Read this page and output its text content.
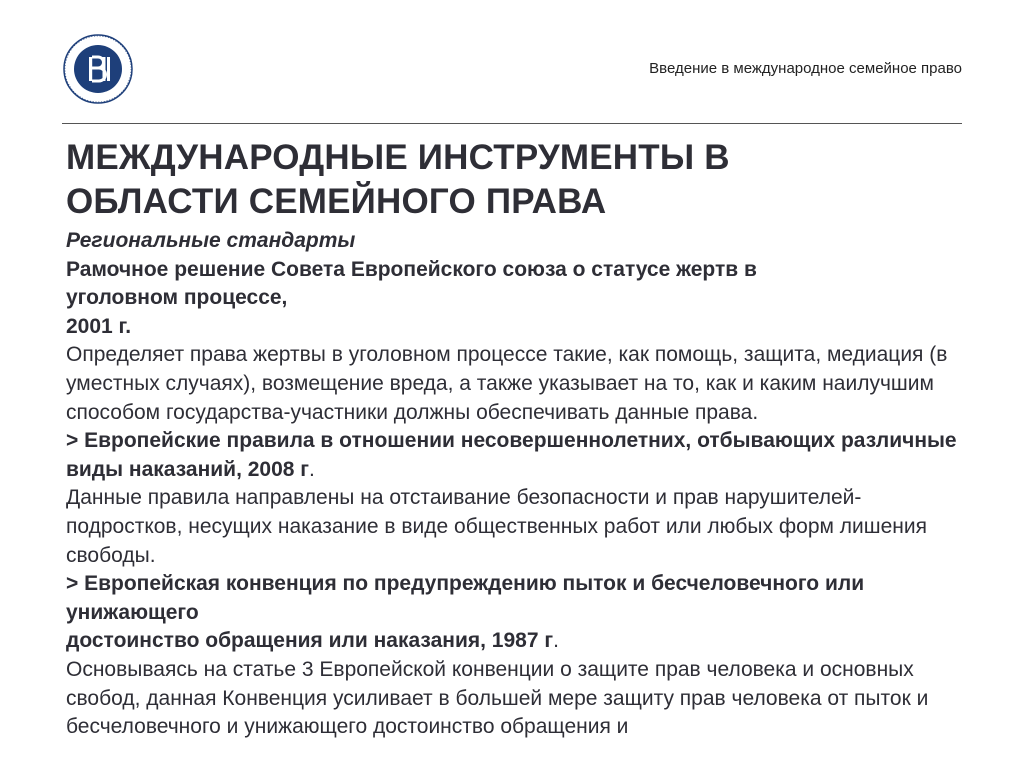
Введение в международное семейное право
МЕЖДУНАРОДНЫЕ ИНСТРУМЕНТЫ В
ОБЛАСТИ СЕМЕЙНОГО ПРАВА

Региональные стандарты

Рамочное решение Совета Европейского союза о статусе жертв в

уголовном процессе,

2001 г.

Определяет права жертвы в уголовном процессе такие, как помощь, защита, медиация (в уместных случаях), возмещение вреда, а также указывает на то, как и каким наилучшим способом государства-участники должны обеспечивать данные права.

> Европейские правила в отношении несовершеннолетних, отбывающих различные виды наказаний, 2008 г.

Данные правила направлены на отстаивание безопасности и прав нарушителей-подростков, несущих наказание в виде общественных работ или любых форм лишения свободы.

> Европейская конвенция по предупреждению пыток и бесчеловечного или унижающего

достоинство обращения или наказания, 1987 г.

Основываясь на статье 3 Европейской конвенции о защите прав человека и основных свобод, данная Конвенция усиливает в большей мере защиту прав человека от пыток и бесчеловечного и унижающего достоинство обращения и
